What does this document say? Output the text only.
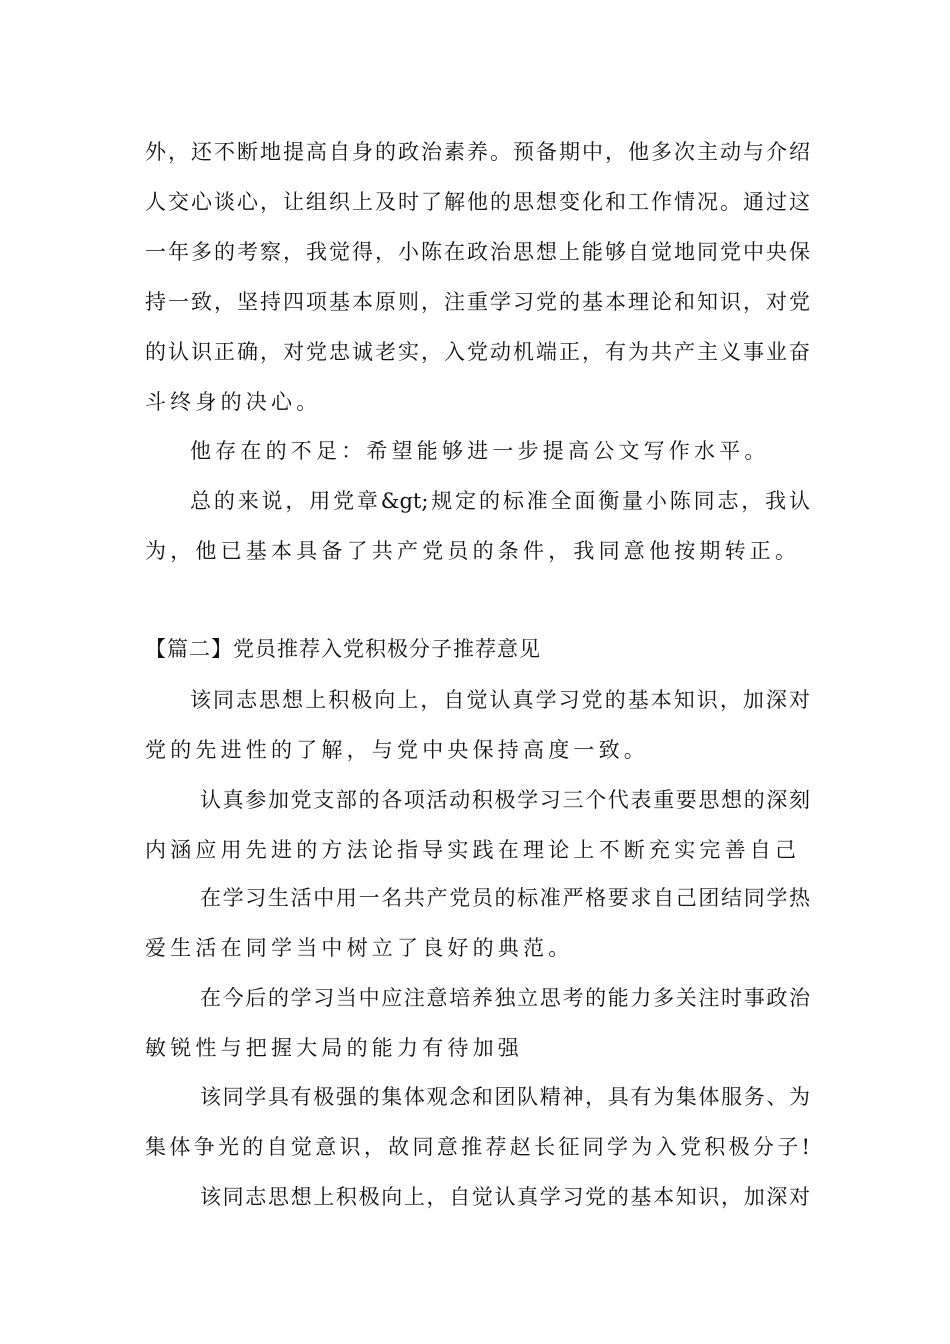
外，还不断地提高自身的政治素养。预备期中，他多次主动与介绍
人交心谈心，让组织上及时了解他的思想变化和工作情况。通过这
一年多的考察，我觉得，小陈在政治思想上能够自觉地同党中央保
持一致，坚持四项基本原则，注重学习党的基本理论和知识，对党
的认识正确，对党忠诚老实，入党动机端正，有为共产主义事业奋
斗终身的决心。
他存在的不足：希望能够进一步提高公文写作水平。
总的来说，用党章&gt;规定的标准全面衡量小陈同志，我认
为，他已基本具备了共产党员的条件，我同意他按期转正。
【篇二】党员推荐入党积极分子推荐意见
该同志思想上积极向上，自觉认真学习党的基本知识，加深对
党的先进性的了解，与党中央保持高度一致。
认真参加党支部的各项活动积极学习三个代表重要思想的深刻
内涵应用先进的方法论指导实践在理论上不断充实完善自己
在学习生活中用一名共产党员的标准严格要求自己团结同学热
爱生活在同学当中树立了良好的典范。
在今后的学习当中应注意培养独立思考的能力多关注时事政治
敏锐性与把握大局的能力有待加强
该同学具有极强的集体观念和团队精神，具有为集体服务、为
集体争光的自觉意识，故同意推荐赵长征同学为入党积极分子!
该同志思想上积极向上，自觉认真学习党的基本知识，加深对
